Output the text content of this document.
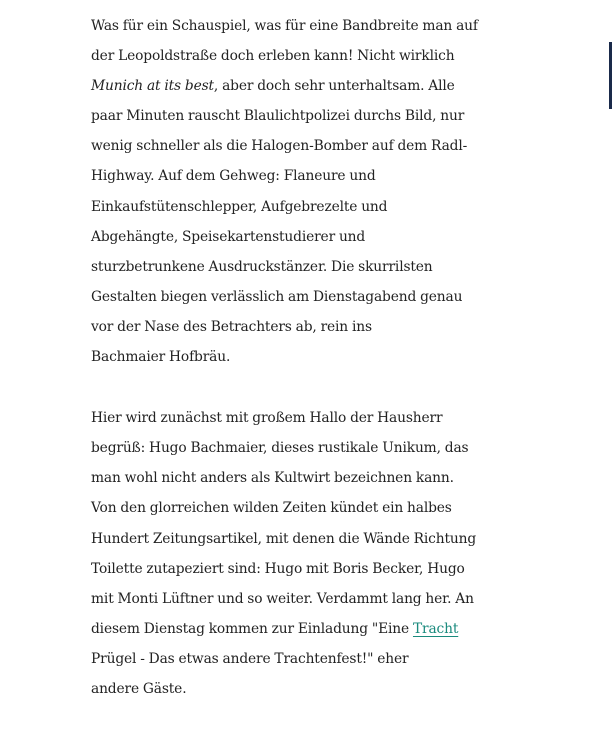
Was für ein Schauspiel, was für eine Bandbreite man auf
der Leopoldstraße doch erleben kann! Nicht wirklich
Munich at its best, aber doch sehr unterhaltsam. Alle
paar Minuten rauscht Blaulichtpolizei durchs Bild, nur
wenig schneller als die Halogen-Bomber auf dem Radl-
Highway. Auf dem Gehweg: Flaneure und
Einkaufstütenschlepper, Aufgebrezelte und
Abgehängte, Speisekartenstudierer und
sturzbetrunkene Ausdruckstänzer. Die skurrilsten
Gestalten biegen verlässlich am Dienstagabend genau
vor der Nase des Betrachters ab, rein ins
Bachmaier Hofbräu.

Hier wird zunächst mit großem Hallo der Hausherr
begrüß: Hugo Bachmaier, dieses rustikale Unikum, das
man wohl nicht anders als Kultwirt bezeichnen kann.
Von den glorreichen wilden Zeiten kündet ein halbes
Hundert Zeitungsartikel, mit denen die Wände Richtung
Toilette zutapeziert sind: Hugo mit Boris Becker, Hugo
mit Monti Lüftner und so weiter. Verdammt lang her. An
diesem Dienstag kommen zur Einladung "Eine Tracht
Prügel - Das etwas andere Trachtenfest!" eher
andere Gäste.
